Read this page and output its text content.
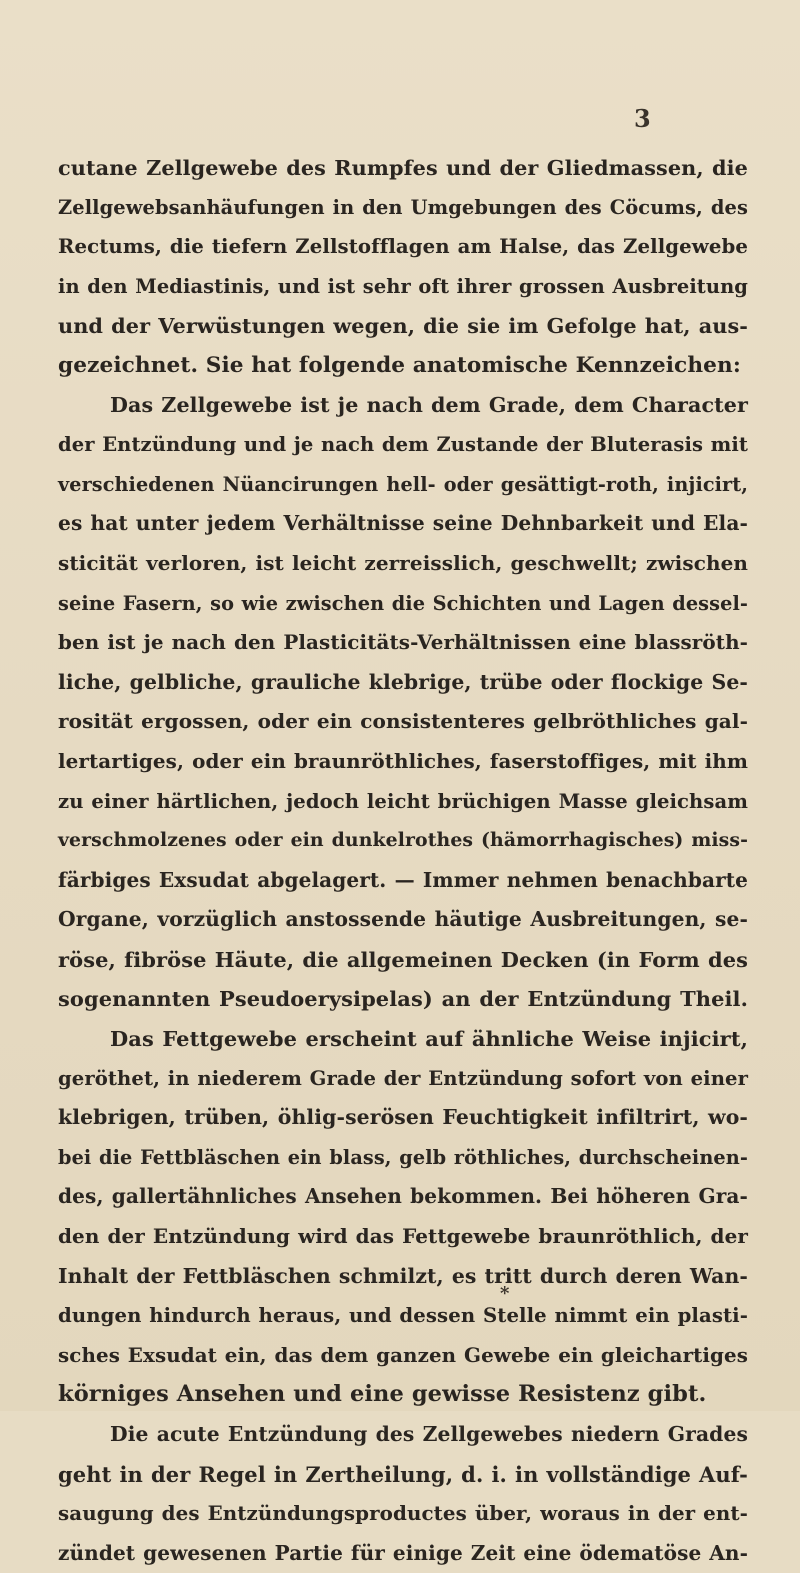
3
cutane Zellgewebe des Rumpfes und der Gliedmassen, die
Zellgewebsanhäufungen in den Umgebungen des Cöcums, des
Rectums, die tiefern Zellstofflagen am Halse, das Zellgewebe
in den Mediastinis, und ist sehr oft ihrer grossen Ausbreitung
und der Verwüstungen wegen, die sie im Gefolge hat, aus-
gezeichnet. Sie hat folgende anatomische Kennzeichen:
Das Zellgewebe ist je nach dem Grade, dem Character
der Entzündung und je nach dem Zustande der Bluterasis mit
verschiedenen Nüancirungen hell- oder gesättigt-roth, injicirt,
es hat unter jedem Verhältnisse seine Dehnbarkeit und Ela-
sticität verloren, ist leicht zerreisslich, geschwellt; zwischen
seine Fasern, so wie zwischen die Schichten und Lagen dessel-
ben ist je nach den Plasticitäts-Verhältnissen eine blassröth-
liche, gelbliche, grauliche klebrige, trübe oder flockige Se-
rosität ergossen, oder ein consistenteres gelbröthliches gal-
lertartiges, oder ein braunröthliches, faserstoffiges, mit ihm
zu einer härtlichen, jedoch leicht brüchigen Masse gleichsam
verschmolzenes oder ein dunkelrothes (hämorrhagisches) miss-
färbiges Exsudat abgelagert. — Immer nehmen benachbarte
Organe, vorzüglich anstossende häutige Ausbreitungen, se-
röse, fibröse Häute, die allgemeinen Decken (in Form des
sogenannten Pseudoerysipelas) an der Entzündung Theil.
Das Fettgewebe erscheint auf ähnliche Weise injicirt,
geröthet, in niederem Grade der Entzündung sofort von einer
klebrigen, trüben, öhlig-serösen Feuchtigkeit infiltrirt, wo-
bei die Fettbläschen ein blass, gelb röthliches, durchscheinen-
des, gallertähnliches Ansehen bekommen. Bei höheren Gra-
den der Entzündung wird das Fettgewebe braunröthlich, der
Inhalt der Fettbläschen schmilzt, es tritt durch deren Wan-
dungen hindurch heraus, und dessen Stelle nimmt ein plasti-
sches Exsudat ein, das dem ganzen Gewebe ein gleichartiges
körniges Ansehen und eine gewisse Resistenz gibt.
Die acute Entzündung des Zellgewebes niedern Grades
geht in der Regel in Zertheilung, d. i. in vollständige Auf-
saugung des Entzündungsproductes über, woraus in der ent-
zündet gewesenen Partie für einige Zeit eine ödematöse An-
*
